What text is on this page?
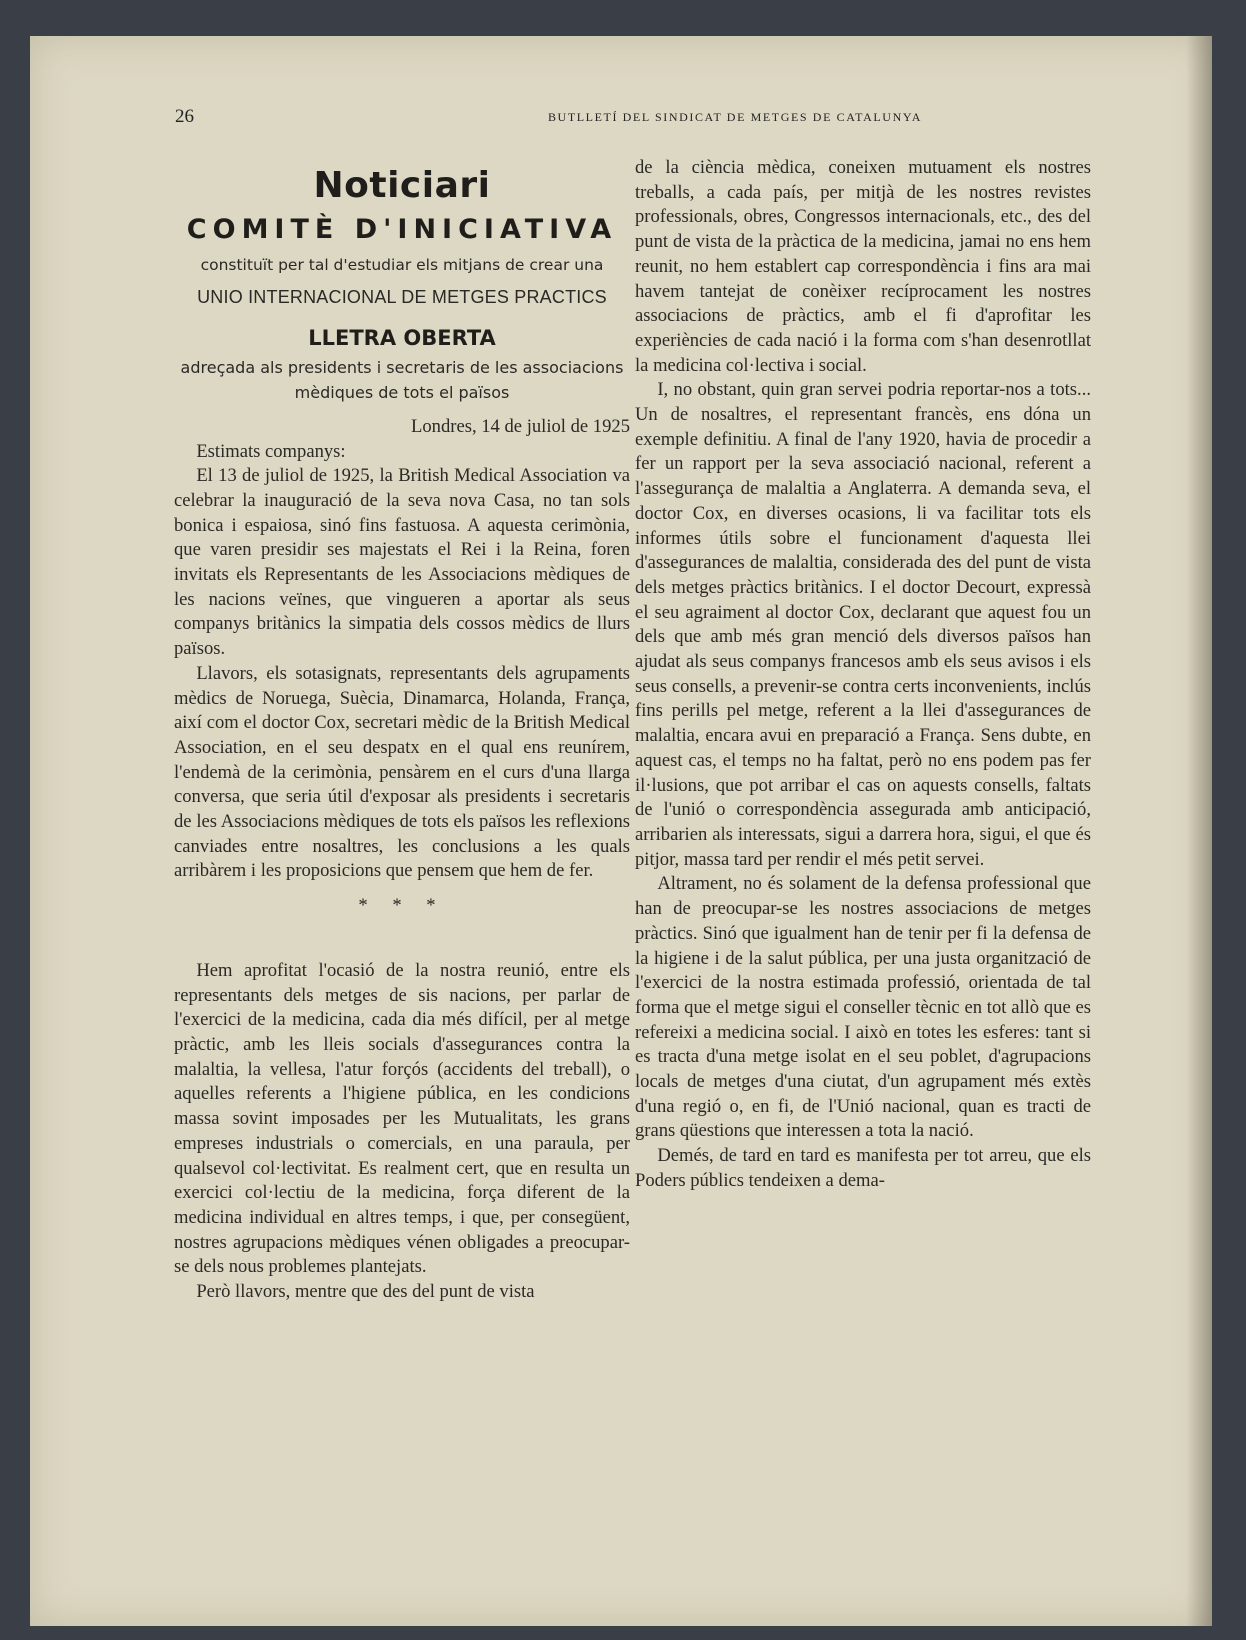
26	BUTLLETÍ DEL SINDICAT DE METGES DE CATALUNYA
Noticiari
COMITÈ D'INICIATIVA
constituït per tal d'estudiar els mitjans de crear una
UNIO INTERNACIONAL DE METGES PRACTICS
LLETRA OBERTA
adreçada als presidents i secretaris de les associacions mèdiques de tots el països

Londres, 14 de juliol de 1925

Estimats companys:

El 13 de juliol de 1925, la British Medical Association va celebrar la inauguració de la seva nova Casa, no tan sols bonica i espaiosa, sinó fins fastuosa. A aquesta cerimònia, que varen presidir ses majestats el Rei i la Reina, foren invitats els Representants de les Associacions mèdiques de les nacions veïnes, que vingueren a aportar als seus companys britànics la simpatia dels cossos mèdics de llurs països.

Llavors, els sotasignats, representants dels agrupaments mèdics de Noruega, Suècia, Dinamarca, Holanda, França, així com el doctor Cox, secretari mèdic de la British Medical Association, en el seu despatx en el qual ens reunírem, l'endemà de la cerimònia, pensàrem en el curs d'una llarga conversa, que seria útil d'exposar als presidents i secretaris de les Associacions mèdiques de tots els països les reflexions canviades entre nosaltres, les conclusions a les quals arribàrem i les proposicions que pensem que hem de fer.

* * *

Hem aprofitat l'ocasió de la nostra reunió, entre els representants dels metges de sis nacions, per parlar de l'exercici de la medicina, cada dia més difícil, per al metge pràctic, amb les lleis socials d'assegurances contra la malaltia, la vellesa, l'atur forçós (accidents del treball), o aquelles referents a l'higiene pública, en les condicions massa sovint imposades per les Mutualitats, les grans empreses industrials o comercials, en una paraula, per qualsevol col·lectivitat. Es realment cert, que en resulta un exercici col·lectiu de la medicina, força diferent de la medicina individual en altres temps, i que, per consegüent, nostres agrupacions mèdiques vénen obligades a preocupar-se dels nous problemes plantejats.

Però llavors, mentre que des del punt de vista

de la ciència mèdica, coneixen mutuament els nostres treballs, a cada país, per mitjà de les nostres revistes professionals, obres, Congressos internacionals, etc., des del punt de vista de la pràctica de la medicina, jamai no ens hem reunit, no hem establert cap correspondència i fins ara mai havem tantejat de conèixer recíprocament les nostres associacions de pràctics, amb el fi d'aprofitar les experiències de cada nació i la forma com s'han desenrotllat la medicina col·lectiva i social.

I, no obstant, quin gran servei podria reportar-nos a tots... Un de nosaltres, el representant francès, ens dóna un exemple definitiu. A final de l'any 1920, havia de procedir a fer un rapport per la seva associació nacional, referent a l'assegurança de malaltia a Anglaterra. A demanda seva, el doctor Cox, en diverses ocasions, li va facilitar tots els informes útils sobre el funcionament d'aquesta llei d'assegurances de malaltia, considerada des del punt de vista dels metges pràctics britànics. I el doctor Decourt, expressà el seu agraiment al doctor Cox, declarant que aquest fou un dels que amb més gran menció dels diversos països han ajudat als seus companys francesos amb els seus avisos i els seus consells, a prevenir-se contra certs inconvenients, inclús fins perills pel metge, referent a la llei d'assegurances de malaltia, encara avui en preparació a França. Sens dubte, en aquest cas, el temps no ha faltat, però no ens podem pas fer il·lusions, que pot arribar el cas on aquests consells, faltats de l'unió o correspondència assegurada amb anticipació, arribarien als interessats, sigui a darrera hora, sigui, el que és pitjor, massa tard per rendir el més petit servei.

Altrament, no és solament de la defensa professional que han de preocupar-se les nostres associacions de metges pràctics. Sinó que igualment han de tenir per fi la defensa de la higiene i de la salut pública, per una justa organització de l'exercici de la nostra estimada professió, orientada de tal forma que el metge sigui el conseller tècnic en tot allò que es refereixi a medicina social. I això en totes les esferes: tant si es tracta d'una metge isolat en el seu poblet, d'agrupacions locals de metges d'una ciutat, d'un agrupament més extès d'una regió o, en fi, de l'Unió nacional, quan es tracti de grans qüestions que interessen a tota la nació.

Demés, de tard en tard es manifesta per tot arreu, que els Poders públics tendeixen a dema-
